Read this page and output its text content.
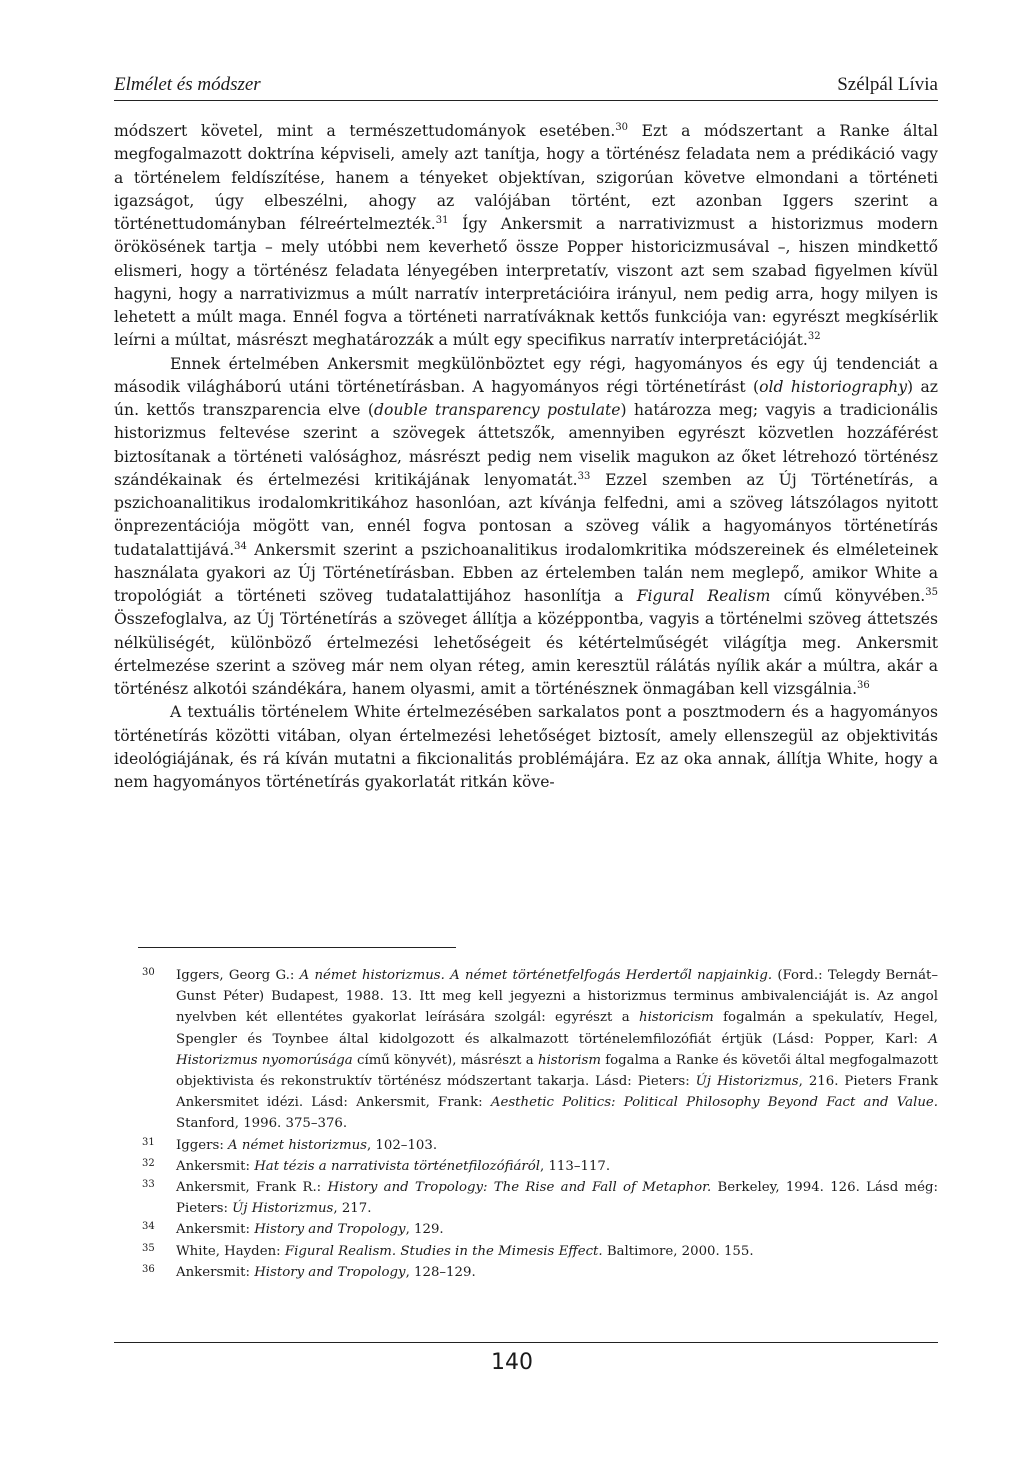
Elmélet és módszer	Szélpál Lívia

módszert követel, mint a természettudományok esetében.$^{30}$ Ezt a módszertant a Ranke által megfogalmazott doktrína képviseli, amely azt tanítja, hogy a történész feladata nem a prédikáció vagy a történelem feldíszítése, hanem a tényeket objektívan, szigorúan követve elmondani a történeti igazságot, úgy elbeszélni, ahogy az valójában történt, ezt azonban Iggers szerint a történettudományban félreértelmezték.$^{31}$ Így Ankersmit a narrativizmust a historizmus modern örökösének tartja – mely utóbbi nem keverhető össze Popper historicizmusával –, hiszen mindkettő elismeri, hogy a történész feladata lényegében interpretatív, viszont azt sem szabad figyelmen kívül hagyni, hogy a narrativizmus a múlt narratív interpretációira irányul, nem pedig arra, hogy milyen is lehetett a múlt maga. Ennél fogva a történeti narratíváknak kettős funkciója van: egyrészt megkísérlik leírni a múltat, másrészt meghatározzák a múlt egy specifikus narratív interpretációját.$^{32}$

Ennek értelmében Ankersmit megkülönböztet egy régi, hagyományos és egy új tendenciát a második világháború utáni történetírásban. A hagyományos régi történetírást (old historiography) az ún. kettős transzparencia elve (double transparency postulate) határozza meg; vagyis a tradicionális historizmus feltevése szerint a szövegek áttetszők, amennyiben egyrészt közvetlen hozzáférést biztosítanak a történeti valósághoz, másrészt pedig nem viselik magukon az őket létrehozó történész szándékainak és értelmezési kritikájának lenyomatát.$^{33}$ Ezzel szemben az Új Történetírás, a pszichoanalitikus irodalomkritikához hasonlóan, azt kívánja felfedni, ami a szöveg látszólagos nyitott önprezentációja mögött van, ennél fogva pontosan a szöveg válik a hagyományos történetírás tudatalattijává.$^{34}$ Ankersmit szerint a pszichoanalitikus irodalomkritika módszereinek és elméleteinek használata gyakori az Új Történetírásban. Ebben az értelemben talán nem meglepő, amikor White a tropológiát a történeti szöveg tudatalattijához hasonlítja a Figural Realism című könyvében.$^{35}$ Összefoglalva, az Új Történetírás a szöveget állítja a középpontba, vagyis a történelmi szöveg áttetszés nélküliségét, különböző értelmezési lehetőségeit és kétértelműségét világítja meg. Ankersmit értelmezése szerint a szöveg már nem olyan réteg, amin keresztül rálátás nyílik akár a múltra, akár a történész alkotói szándékára, hanem olyasmi, amit a történésznek önmagában kell vizsgálnia.$^{36}$

A textuális történelem White értelmezésében sarkalatos pont a posztmodern és a hagyományos történetírás közötti vitában, olyan értelmezési lehetőséget biztosít, amely ellenszegül az objektivitás ideológiájának, és rá kíván mutatni a fikcionalitás problémájára. Ez az oka annak, állítja White, hogy a nem hagyományos történetírás gyakorlatát ritkán köve-

30	Iggers, Georg G.: A német historizmus. A német történetfelfogás Herdertől napjainkig. (Ford.: Telegdy Bernát–Gunst Péter) Budapest, 1988. 13. Itt meg kell jegyezni a historizmus terminus ambivalenciáját is. Az angol nyelvben két ellentétes gyakorlat leírására szolgál: egyrészt a historicism fogalmán a spekulatív, Hegel, Spengler és Toynbee által kidolgozott és alkalmazott történelemfilozófiát értjük (Lásd: Popper, Karl: A Historizmus nyomorúsága című könyvét), másrészt a historism fogalma a Ranke és követői által megfogalmazott objektivista és rekonstruktív történész módszertant takarja. Lásd: Pieters: Új Historizmus, 216. Pieters Frank Ankersmitet idézi. Lásd: Ankersmit, Frank: Aesthetic Politics: Political Philosophy Beyond Fact and Value. Stanford, 1996. 375–376.
31	Iggers: A német historizmus, 102–103.
32	Ankersmit: Hat tézis a narrativista történetfilozófiáról, 113–117.
33	Ankersmit, Frank R.: History and Tropology: The Rise and Fall of Metaphor. Berkeley, 1994. 126. Lásd még: Pieters: Új Historizmus, 217.
34	Ankersmit: History and Tropology, 129.
35	White, Hayden: Figural Realism. Studies in the Mimesis Effect. Baltimore, 2000. 155.
36	Ankersmit: History and Tropology, 128–129.
140
